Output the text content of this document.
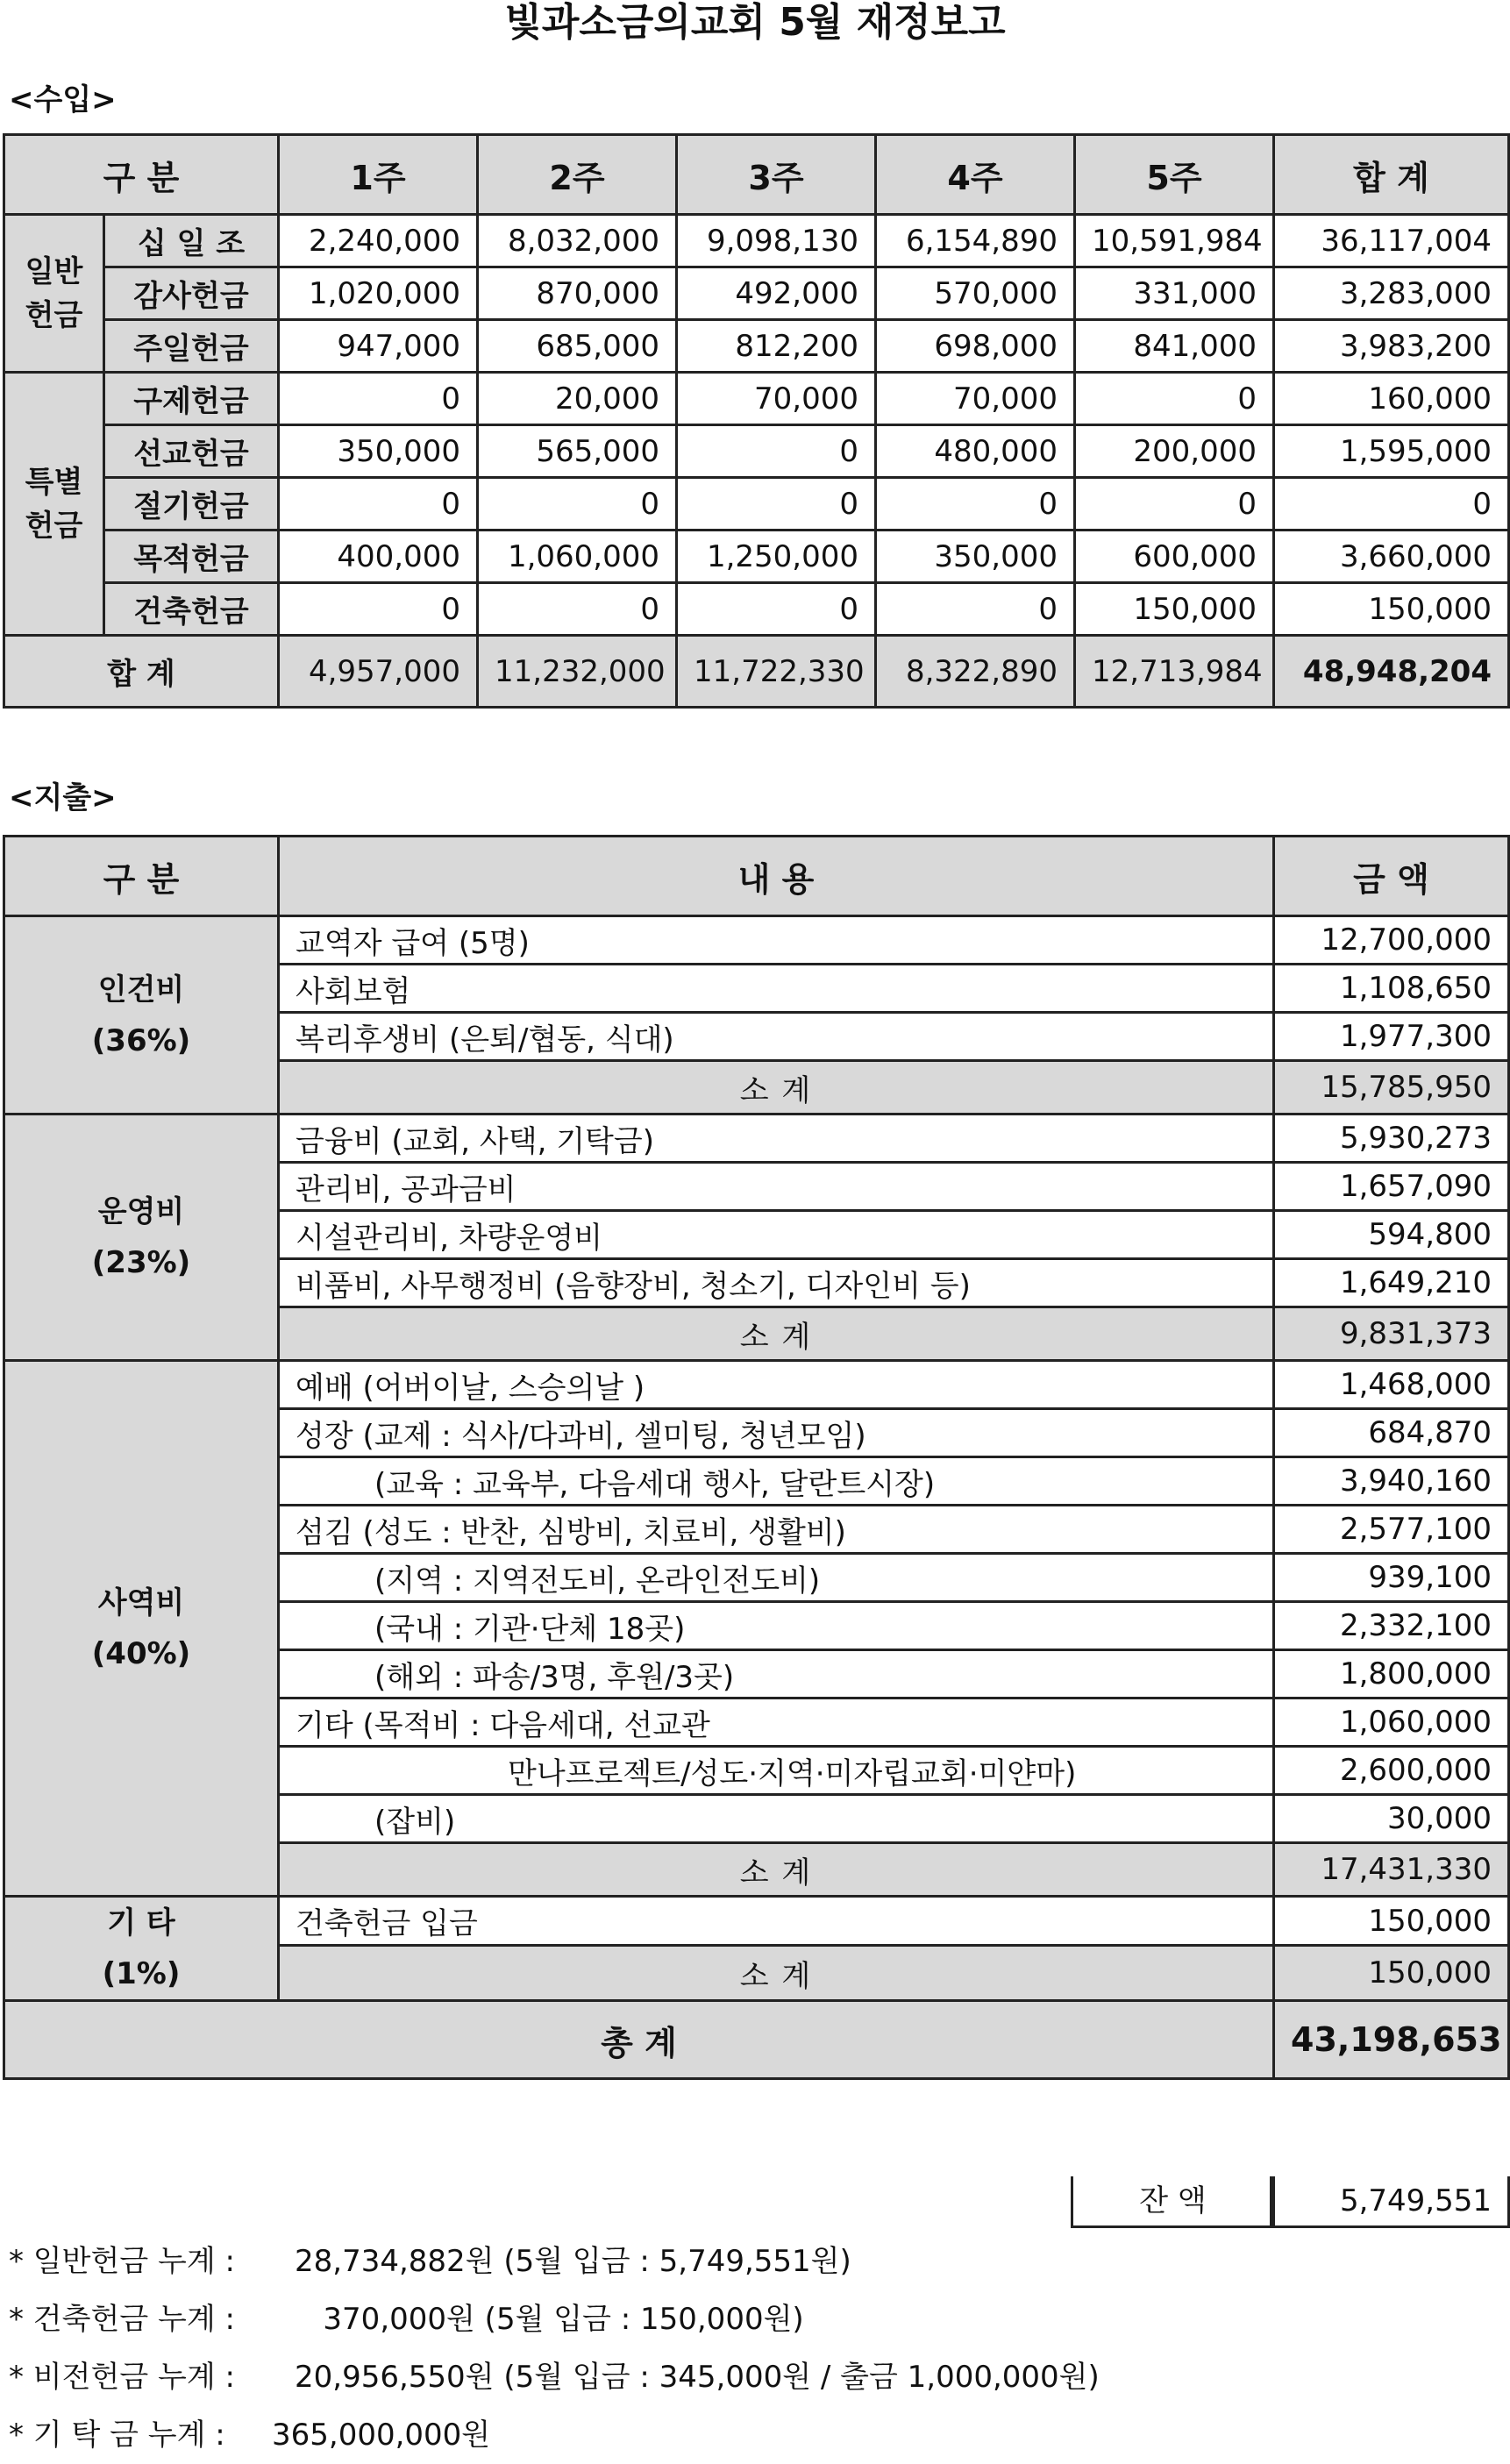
빛과소금의교회 5월 재정보고
<수입>
구 분		1주	2주	3주	4주	5주	합 계
일반 헌금	십 일 조	2,240,000	8,032,000	9,098,130	6,154,890	10,591,984	36,117,004
	감사헌금	1,020,000	870,000	492,000	570,000	331,000	3,283,000
	주일헌금	947,000	685,000	812,200	698,000	841,000	3,983,200
특별 헌금	구제헌금	0	20,000	70,000	70,000	0	160,000
	선교헌금	350,000	565,000	0	480,000	200,000	1,595,000
	절기헌금	0	0	0	0	0	0
	목적헌금	400,000	1,060,000	1,250,000	350,000	600,000	3,660,000
	건축헌금	0	0	0	0	150,000	150,000
합 계		4,957,000	11,232,000	11,722,330	8,322,890	12,713,984	48,948,204
<지출>
구 분	내 용	금 액

인건비
(36%)	교역자 급여 (5명)	12,700,000
	사회보험	1,108,650
	복리후생비 (은퇴/협동, 식대)	1,977,300
	소 계	15,785,950

운영비
(23%)	금융비 (교회, 사택, 기탁금)	5,930,273
	관리비, 공과금비	1,657,090
	시설관리비, 차량운영비	594,800
	비품비, 사무행정비 (음향장비, 청소기, 디자인비 등)	1,649,210
	소 계	9,831,373

사역비
(40%)	예배 (어버이날, 스승의날 )	1,468,000
	성장 (교제 : 식사/다과비, 셀미팅, 청년모임)	684,870
	(교육 : 교육부, 다음세대 행사, 달란트시장)	3,940,160
	섬김 (성도 : 반찬, 심방비, 치료비, 생활비)	2,577,100
	(지역 : 지역전도비, 온라인전도비)	939,100
	(국내 : 기관·단체 18곳)	2,332,100
	(해외 : 파송/3명, 후원/3곳)	1,800,000
	기타 (목적비 : 다음세대, 선교관	1,060,000
	만나프로젝트/성도·지역·미자립교회·미얀마)	2,600,000
	(잡비)	30,000
	소 계	17,431,330

기 타
(1%)	건축헌금 입금	150,000
	소 계	150,000
총 계		43,198,653
잔 액	5,749,551
* 일반헌금 누계 : 28,734,882원 (5월 입금 : 5,749,551원)
* 건축헌금 누계 :   370,000원 (5월 입금 : 150,000원)
* 비전헌금 누계 : 20,956,550원 (5월 입금 : 345,000원 / 출금 1,000,000원)
* 기 탁 금 누계 : 365,000,000원
